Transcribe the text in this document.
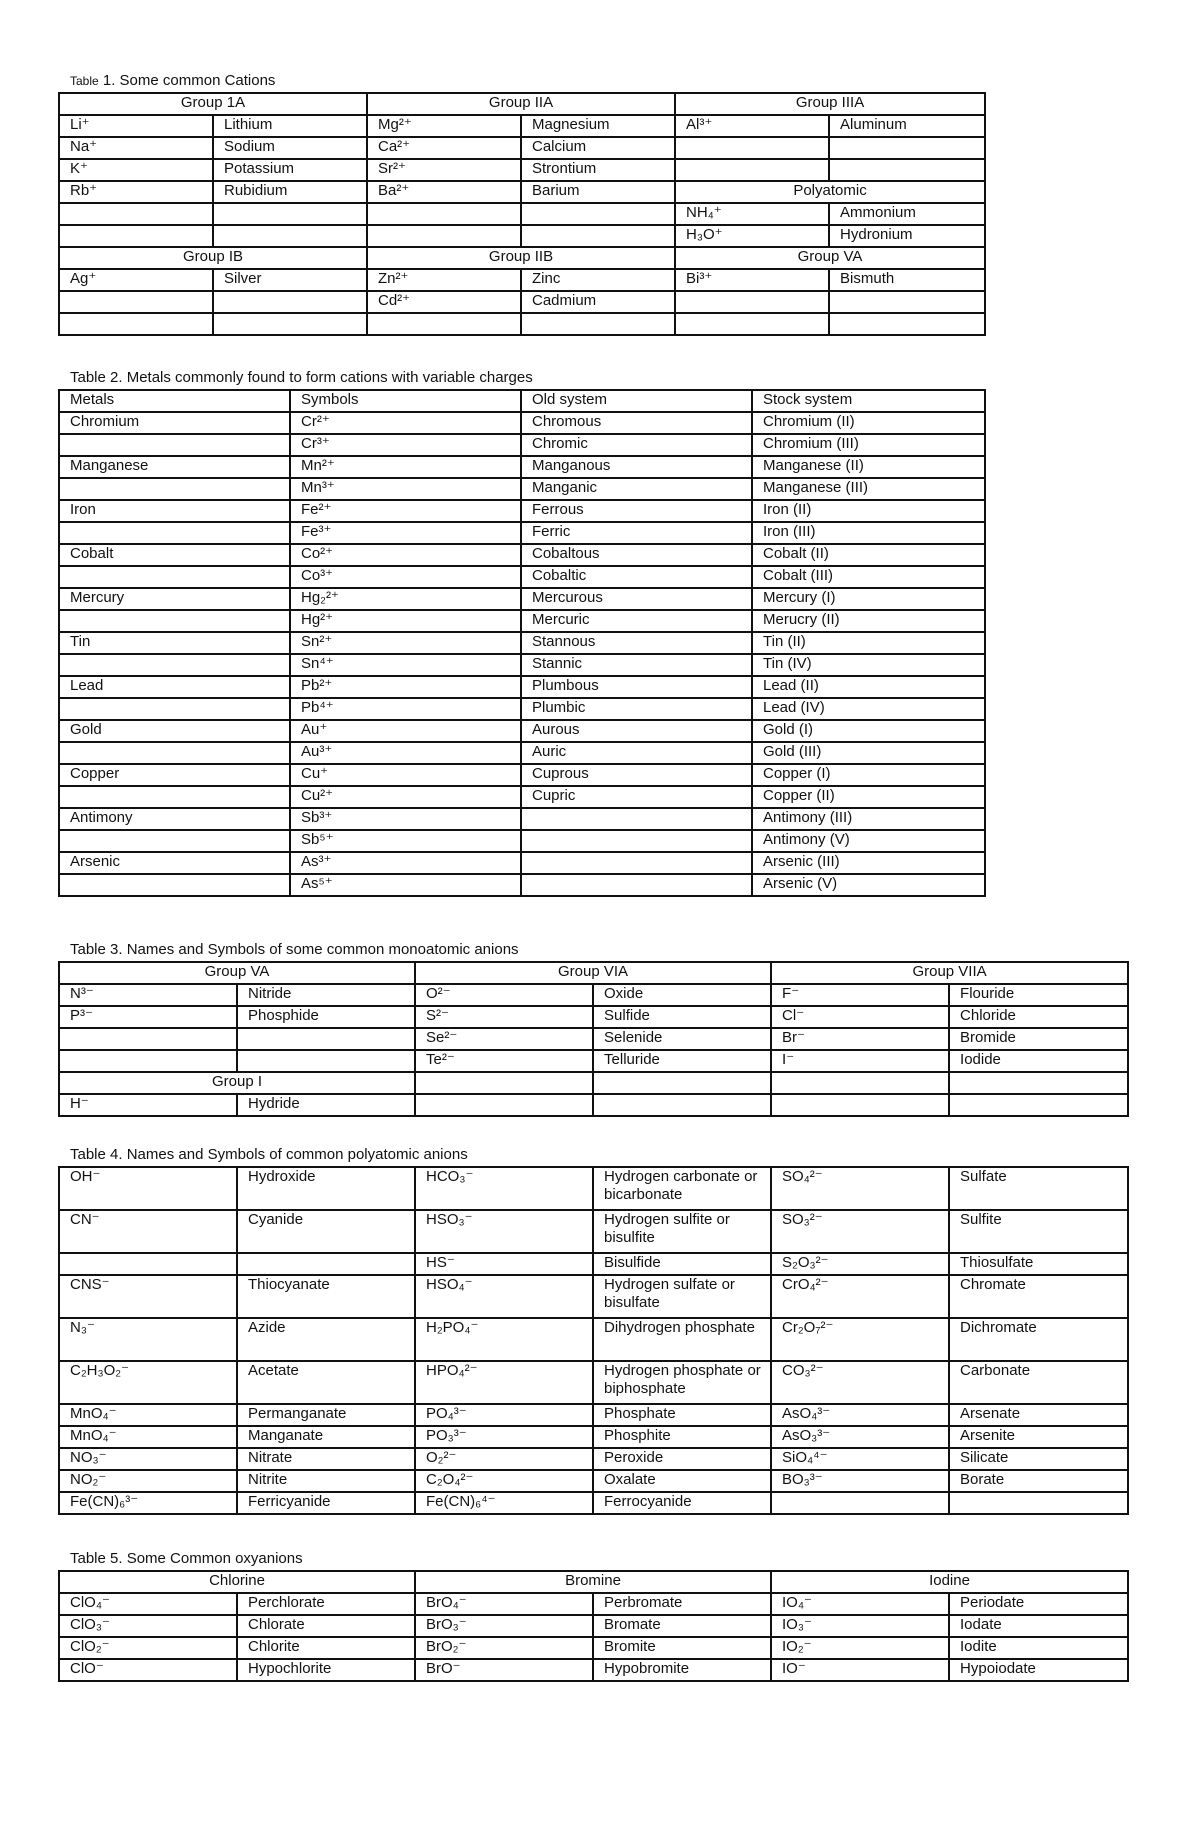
Table 1. Some common Cations
Group 1A		Group IIA		Group IIIA	
Li⁺	Lithium	Mg²⁺	Magnesium	Al³⁺	Aluminum
Na⁺	Sodium	Ca²⁺	Calcium		
K⁺	Potassium	Sr²⁺	Strontium		
Rb⁺	Rubidium	Ba²⁺	Barium	Polyatomic	
				NH₄⁺	Ammonium
				H₃O⁺	Hydronium
Group IB		Group IIB		Group VA	
Ag⁺	Silver	Zn²⁺	Zinc	Bi³⁺	Bismuth
		Cd²⁺	Cadmium		

Table 2. Metals commonly found to form cations with variable charges
Metals	Symbols	Old system	Stock system
Chromium	Cr²⁺	Chromous	Chromium (II)
	Cr³⁺	Chromic	Chromium (III)
Manganese	Mn²⁺	Manganous	Manganese (II)
	Mn³⁺	Manganic	Manganese (III)
Iron	Fe²⁺	Ferrous	Iron (II)
	Fe³⁺	Ferric	Iron (III)
Cobalt	Co²⁺	Cobaltous	Cobalt (II)
	Co³⁺	Cobaltic	Cobalt (III)
Mercury	Hg₂²⁺	Mercurous	Mercury (I)
	Hg²⁺	Mercuric	Merucry (II)
Tin	Sn²⁺	Stannous	Tin (II)
	Sn⁴⁺	Stannic	Tin (IV)
Lead	Pb²⁺	Plumbous	Lead (II)
	Pb⁴⁺	Plumbic	Lead (IV)
Gold	Au⁺	Aurous	Gold (I)
	Au³⁺	Auric	Gold (III)
Copper	Cu⁺	Cuprous	Copper (I)
	Cu²⁺	Cupric	Copper (II)
Antimony	Sb³⁺		Antimony (III)
	Sb⁵⁺		Antimony (V)
Arsenic	As³⁺		Arsenic (III)
	As⁵⁺		Arsenic (V)
Table 3. Names and Symbols of some common monoatomic anions
Group VA		Group VIA		Group VIIA	
N³⁻	Nitride	O²⁻	Oxide	F⁻	Flouride
P³⁻	Phosphide	S²⁻	Sulfide	Cl⁻	Chloride
		Se²⁻	Selenide	Br⁻	Bromide
		Te²⁻	Telluride	I⁻	Iodide
Group I					
H⁻	Hydride				
Table 4. Names and Symbols of common polyatomic anions
OH⁻	Hydroxide	HCO₃⁻	Hydrogen carbonate or bicarbonate	SO₄²⁻	Sulfate
CN⁻	Cyanide	HSO₃⁻	Hydrogen sulfite or bisulfite	SO₃²⁻	Sulfite
		HS⁻	Bisulfide	S₂O₃²⁻	Thiosulfate
CNS⁻	Thiocyanate	HSO₄⁻	Hydrogen sulfate or bisulfate	CrO₄²⁻	Chromate
N₃⁻	Azide	H₂PO₄⁻	Dihydrogen phosphate	Cr₂O₇²⁻	Dichromate
C₂H₃O₂⁻	Acetate	HPO₄²⁻	Hydrogen phosphate or biphosphate	CO₃²⁻	Carbonate
MnO₄⁻	Permanganate	PO₄³⁻	Phosphate	AsO₄³⁻	Arsenate
MnO₄⁻	Manganate	PO₃³⁻	Phosphite	AsO₃³⁻	Arsenite
NO₃⁻	Nitrate	O₂²⁻	Peroxide	SiO₄⁴⁻	Silicate
NO₂⁻	Nitrite	C₂O₄²⁻	Oxalate	BO₃³⁻	Borate
Fe(CN)₆³⁻	Ferricyanide	Fe(CN)₆⁴⁻	Ferrocyanide		
Table 5. Some Common oxyanions
Chlorine		Bromine		Iodine	
ClO₄⁻	Perchlorate	BrO₄⁻	Perbromate	IO₄⁻	Periodate
ClO₃⁻	Chlorate	BrO₃⁻	Bromate	IO₃⁻	Iodate
ClO₂⁻	Chlorite	BrO₂⁻	Bromite	IO₂⁻	Iodite
ClO⁻	Hypochlorite	BrO⁻	Hypobromite	IO⁻	Hypoiodate
